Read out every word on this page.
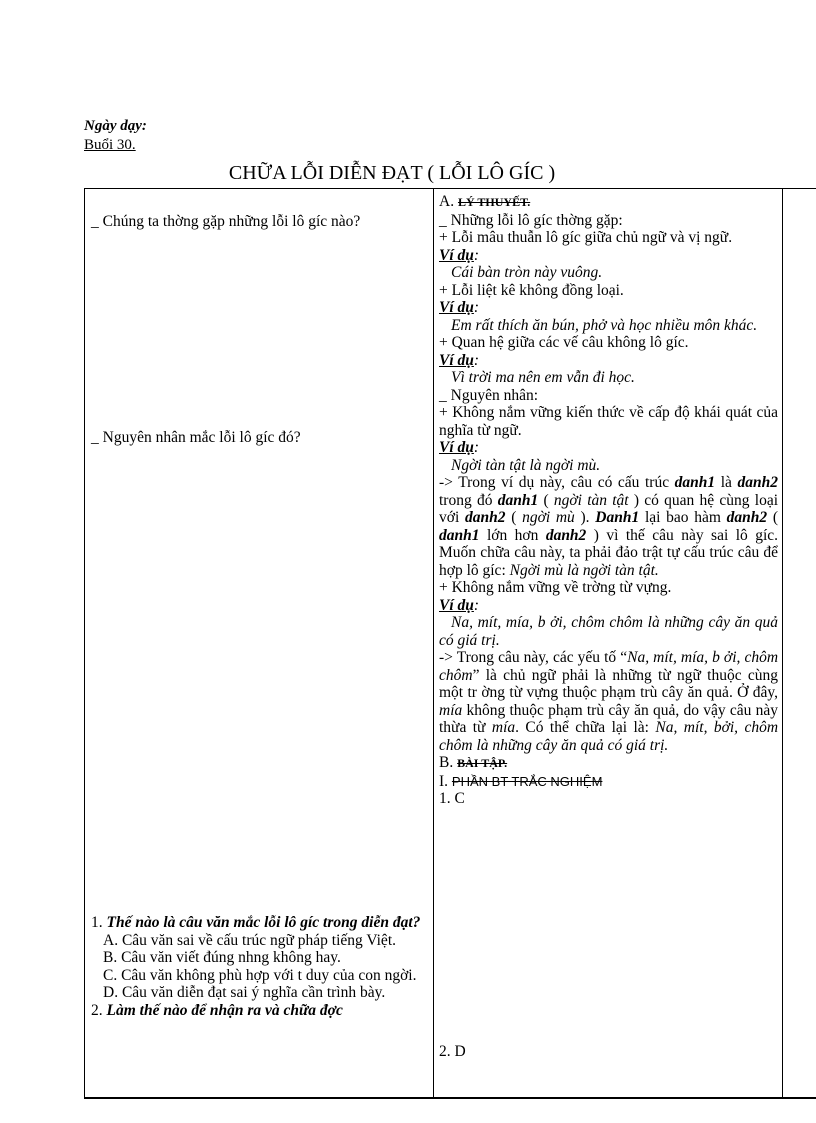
Ngày dạy:
Buổi 30.
CHỮA LỖI DIỄN ĐẠT ( LỖI LÔ GÍC )
_ Chúng ta thờng gặp những lỗi lô gíc nào?
_ Nguyên nhân mắc lỗi lô gíc đó?

1. Thế nào là câu văn mắc lỗi lô gíc trong diễn đạt?

A. Câu văn sai về cấu trúc ngữ pháp tiếng Việt.

B. Câu văn viết đúng nhng không hay.

C. Câu văn không phù hợp với t duy của con ngời.

D. Câu văn diễn đạt sai ý nghĩa cần trình bày.

2. Làm thế nào để nhận ra và chữa đợc

A. LÝ THUYẾT.

_ Những lỗi lô gíc thờng gặp:

+ Lỗi mâu thuẫn lô gíc giữa chủ ngữ và vị ngữ.

Ví dụ:

Cái bàn tròn này vuông.

+ Lỗi liệt kê không đồng loại.

Ví dụ:

Em rất thích ăn bún, phở và học nhiều môn khác.

+ Quan hệ giữa các vế câu không lô gíc.

Ví dụ:

Vì trời ma nên em vẫn đi học.

_ Nguyên nhân:

+ Không nắm vững kiến thức về cấp độ khái quát của nghĩa từ ngữ.

Ví dụ:

Ngời tàn tật là ngời mù.

-> Trong ví dụ này, câu có cấu trúc danh1 là danh2 trong đó danh1 ( ngời tàn tật ) có quan hệ cùng loại với danh2 ( ngời mù ). Danh1 lại bao hàm danh2 ( danh1 lớn hơn danh2 ) vì thế câu này sai lô gíc. Muốn chữa câu này, ta phải đảo trật tự cấu trúc câu để hợp lô gíc: Ngời mù là ngời tàn tật.

+ Không nắm vững về trờng từ vựng.

Ví dụ:

Na, mít, mía, b ởi, chôm chôm là những cây ăn quả có giá trị.

-> Trong câu này, các yếu tố “Na, mít, mía, b ởi, chôm chôm” là chủ ngữ phải là những từ ngữ thuộc cùng một tr ờng từ vựng thuộc phạm trù cây ăn quả. Ở đây, mía không thuộc phạm trù cây ăn quả, do vậy câu này thừa từ mía. Có thể chữa lại là: Na, mít, bởi, chôm chôm là những cây ăn quả có giá trị.

B. BÀI TẬP.

I. PHẦN BT TRẮC NGHIỆM

1. C

2. D
